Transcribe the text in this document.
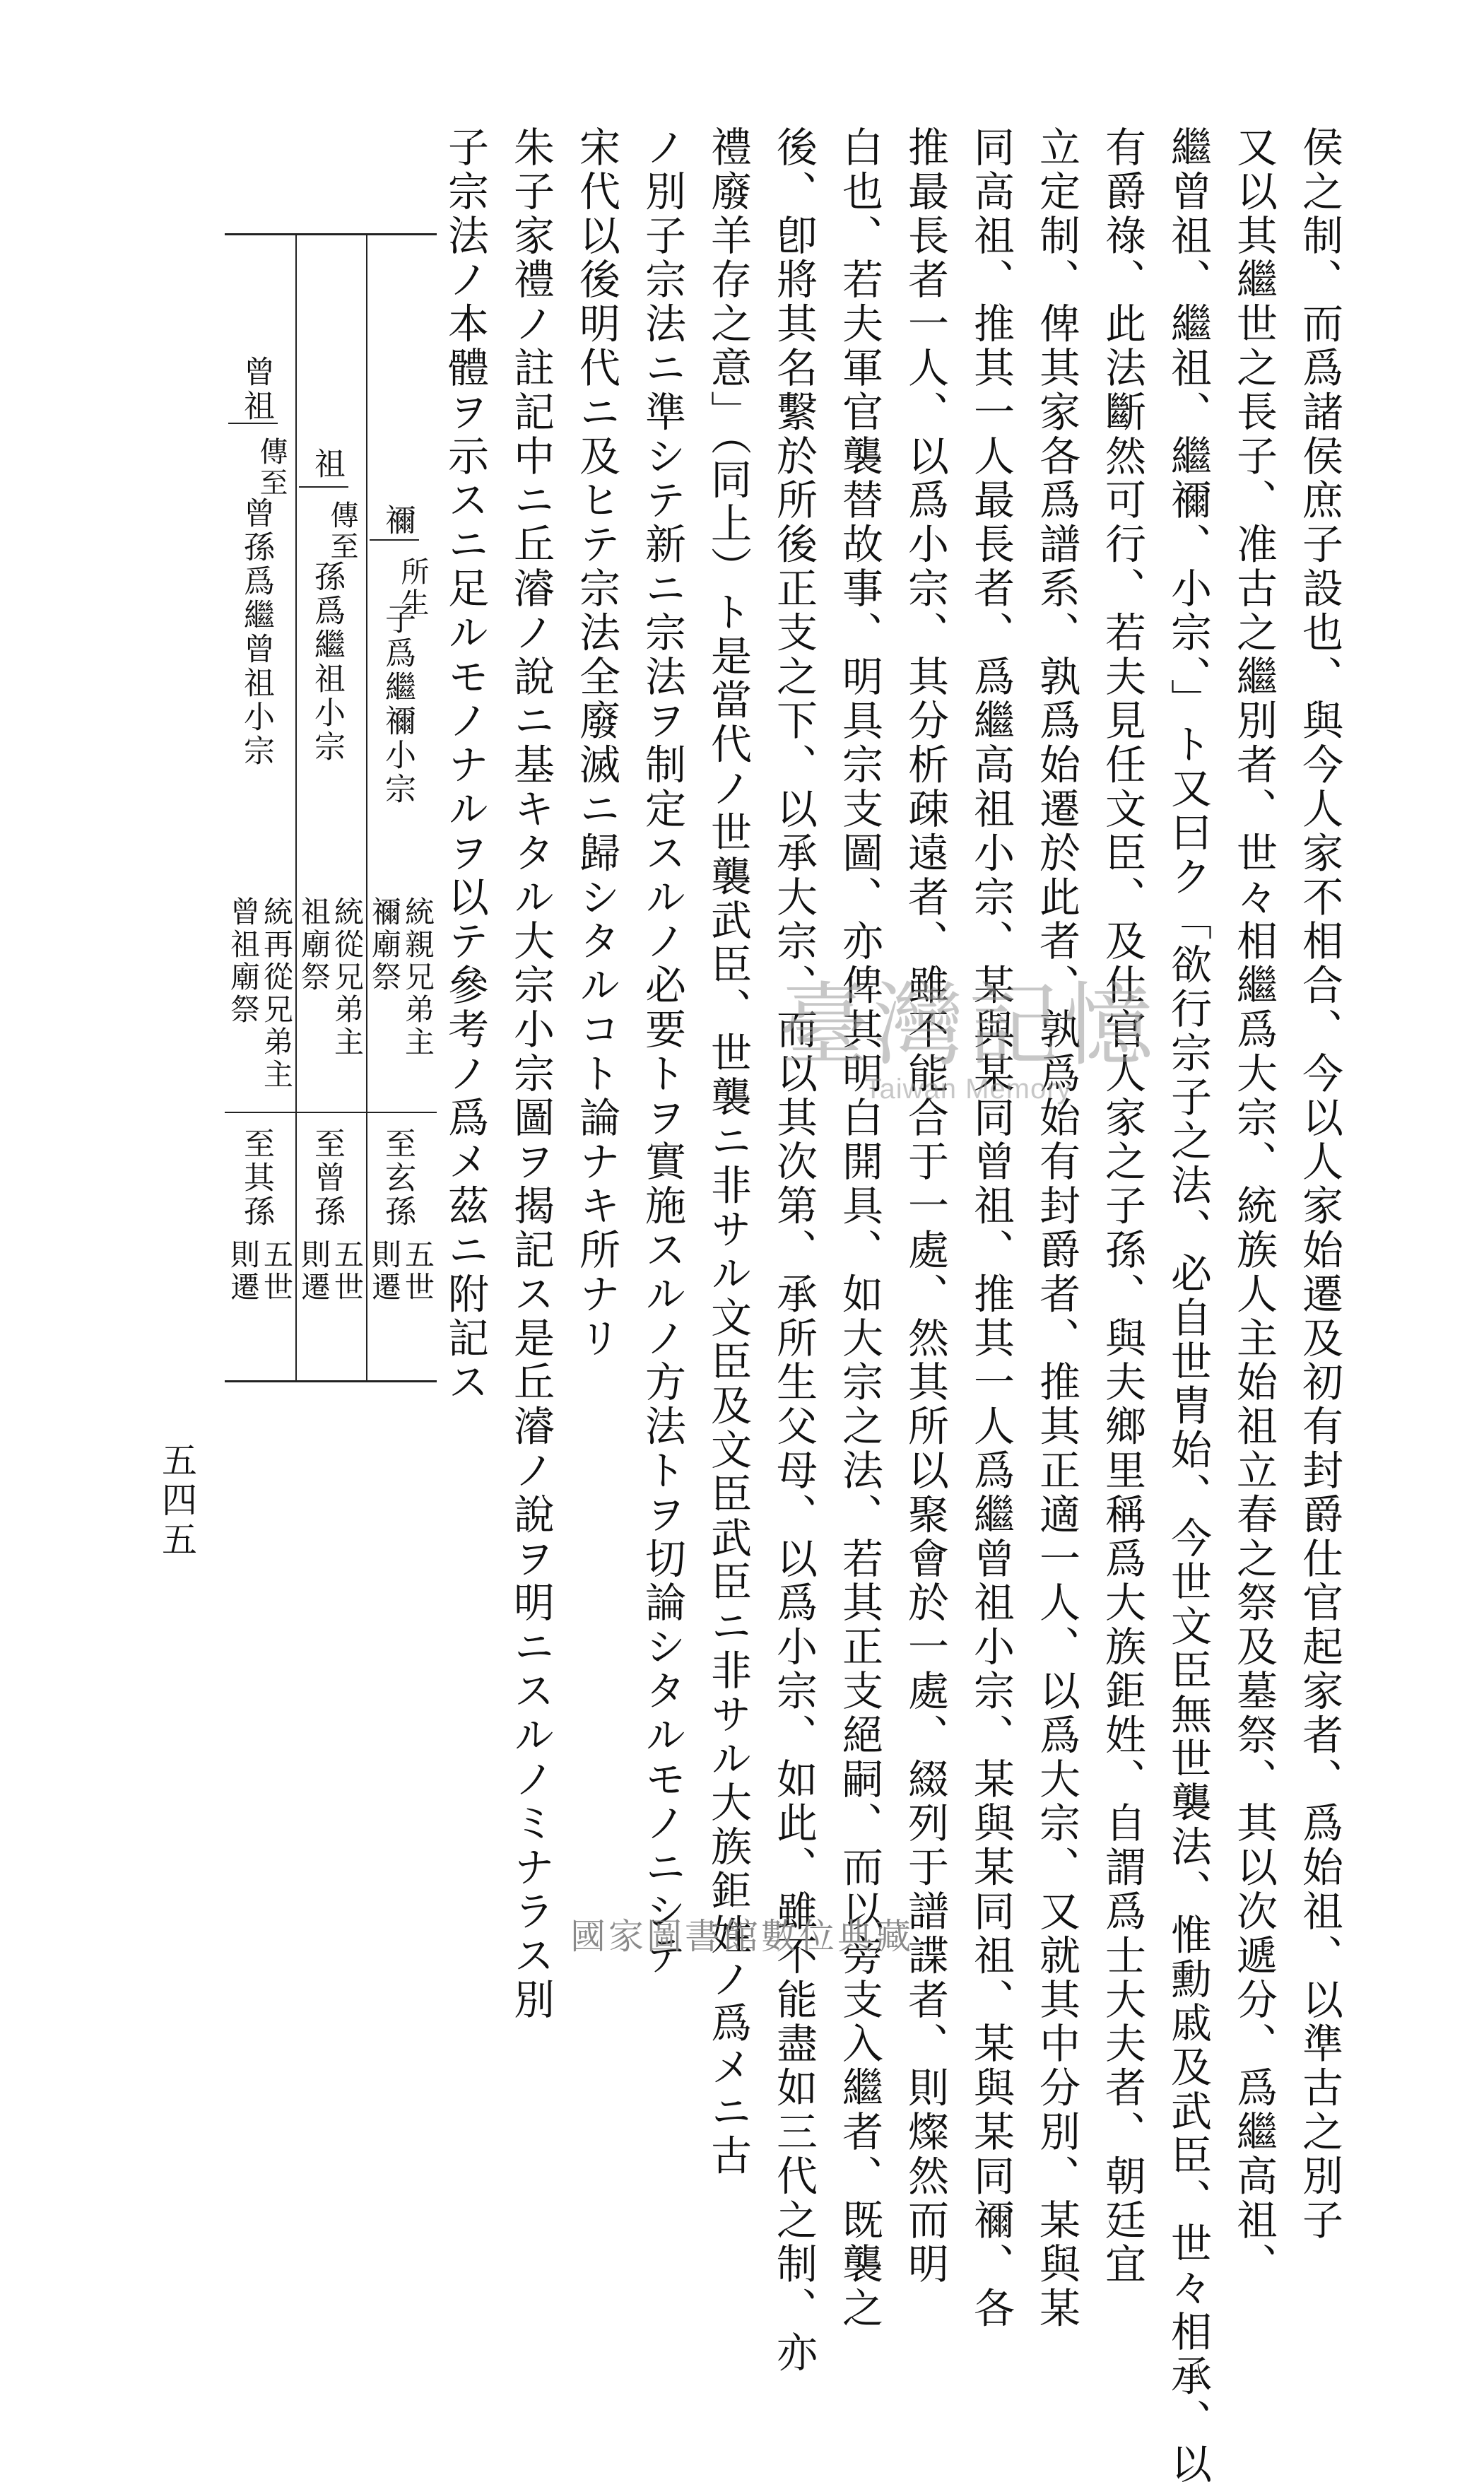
侯之制、而爲諸侯庶子設也、與今人家不相合、今以人家始遷及初有封爵仕官起家者、爲始祖、以準古之別子
又以其繼世之長子、准古之繼別者、世々相繼爲大宗、統族人主始祖立春之祭及墓祭、其以次遞分、爲繼高祖、
繼曾祖、繼祖、繼禰、小宗、」ト又曰ク「欲行宗子之法、必自世胄始、今世文臣無世襲法、惟勳戚及武臣、世々相承、以
有爵祿、此法斷然可行、若夫見任文臣、及仕官人家之子孫、與夫鄉里稱爲大族鉅姓、自謂爲士大夫者、朝廷宜
立定制、俾其家各爲譜系、孰爲始遷於此者、孰爲始有封爵者、推其正適一人、以爲大宗、又就其中分別、某與某
同高祖、推其一人最長者、爲繼高祖小宗、某與某同曾祖、推其一人爲繼曾祖小宗、某與某同祖、某與某同禰、各
推最長者一人、以爲小宗、其分析疎遠者、雖不能合于一處、然其所以聚會於一處、綴列于譜諜者、則燦然而明
白也、若夫軍官襲替故事、明具宗支圖、亦俾其明白開具、如大宗之法、若其正支絕嗣、而以旁支入繼者、既襲之
後、卽將其名繫於所後正支之下、以承大宗、而以其次第、承所生父母、以爲小宗、如此、雖不能盡如三代之制、亦
禮廢羊存之意」（同上）ト是當代ノ世襲武臣、世襲ニ非サル文臣及文臣武臣ニ非サル大族鉅姓ノ爲メニ古
ノ別子宗法ニ準シテ新ニ宗法ヲ制定スルノ必要トヲ實施スルノ方法トヲ切論シタルモノニシテ
宋代以後明代ニ及ヒテ宗法全廢滅ニ歸シタルコト論ナキ所ナリ
朱子家禮ノ註記中ニ丘濬ノ說ニ基キタル大宗小宗圖ヲ揭記ス是丘濬ノ說ヲ明ニスルノミナラス別
子宗法ノ本體ヲ示スニ足ルモノナルヲ以テ參考ノ爲メ茲ニ附記ス
禰
所生
子爲繼禰小宗
統親兄弟主
禰廟祭
至玄孫
五世
則遷
祖
傳至
孫爲繼祖小宗
統從兄弟主
祖廟祭
至曾孫
五世
則遷
曾祖
傳至
曾孫爲繼曾祖小宗
統再從兄弟主
曾祖廟祭
至其孫
五世
則遷
五四五
臺灣記憶
Taiwan Memory
國家圖書館數位典藏
